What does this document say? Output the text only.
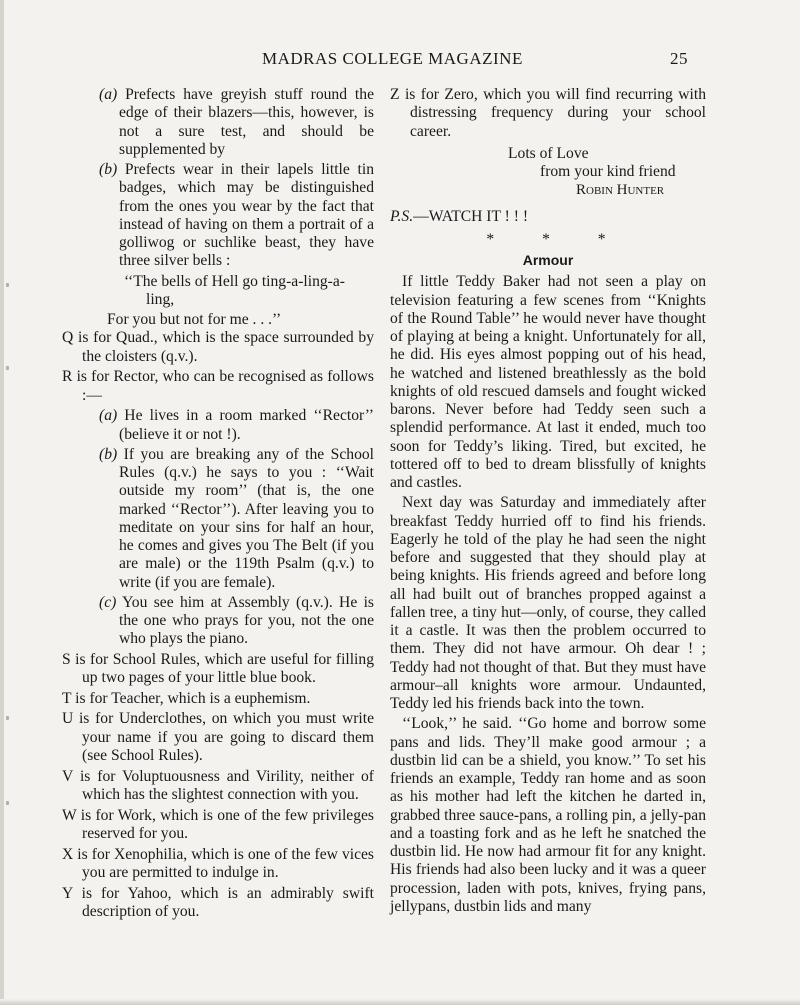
MADRAS COLLEGE MAGAZINE	25

(a) Prefects have greyish stuff round the edge of their blazers—this, however, is not a sure test, and should be supplemented by

(b) Prefects wear in their lapels little tin badges, which may be distinguished from the ones you wear by the fact that instead of having on them a portrait of a golliwog or suchlike beast, they have three silver bells :

‘‘The bells of Hell go ting-a-ling-a-
ling,
For you but not for me . . .’’

Q is for Quad., which is the space surrounded by the cloisters (q.v.).

R is for Rector, who can be recognised as follows :—

(a) He lives in a room marked ‘‘Rector’’ (believe it or not !).

(b) If you are breaking any of the School Rules (q.v.) he says to you : ‘‘Wait outside my room’’ (that is, the one marked ‘‘Rector’’). After leaving you to meditate on your sins for half an hour, he comes and gives you The Belt (if you are male) or the 119th Psalm (q.v.) to write (if you are female).

(c) You see him at Assembly (q.v.). He is the one who prays for you, not the one who plays the piano.

S is for School Rules, which are useful for filling up two pages of your little blue book.

T is for Teacher, which is a euphemism.

U is for Underclothes, on which you must write your name if you are going to discard them (see School Rules).

V is for Voluptuousness and Virility, neither of which has the slightest connection with you.

W is for Work, which is one of the few privileges reserved for you.

X is for Xenophilia, which is one of the few vices you are permitted to indulge in.

Y is for Yahoo, which is an admirably swift description of you.

Z is for Zero, which you will find recurring with distressing frequency during your school career.

Lots of Love
from your kind friend
Robin Hunter

P.S.—WATCH IT ! ! !

* * *

Armour

If little Teddy Baker had not seen a play on television featuring a few scenes from ‘‘Knights of the Round Table’’ he would never have thought of playing at being a knight. Unfortunately for all, he did. His eyes almost popping out of his head, he watched and listened breathlessly as the bold knights of old rescued damsels and fought wicked barons. Never before had Teddy seen such a splendid performance. At last it ended, much too soon for Teddy’s liking. Tired, but excited, he tottered off to bed to dream blissfully of knights and castles.

Next day was Saturday and immediately after breakfast Teddy hurried off to find his friends. Eagerly he told of the play he had seen the night before and suggested that they should play at being knights. His friends agreed and before long all had built out of branches propped against a fallen tree, a tiny hut—only, of course, they called it a castle. It was then the problem occurred to them. They did not have armour. Oh dear ! ; Teddy had not thought of that. But they must have armour–all knights wore armour. Undaunted, Teddy led his friends back into the town.

‘‘Look,’’ he said. ‘‘Go home and borrow some pans and lids. They’ll make good armour ; a dustbin lid can be a shield, you know.’’ To set his friends an example, Teddy ran home and as soon as his mother had left the kitchen he darted in, grabbed three sauce-pans, a rolling pin, a jelly-pan and a toasting fork and as he left he snatched the dustbin lid. He now had armour fit for any knight. His friends had also been lucky and it was a queer procession, laden with pots, knives, frying pans, jellypans, dustbin lids and many
